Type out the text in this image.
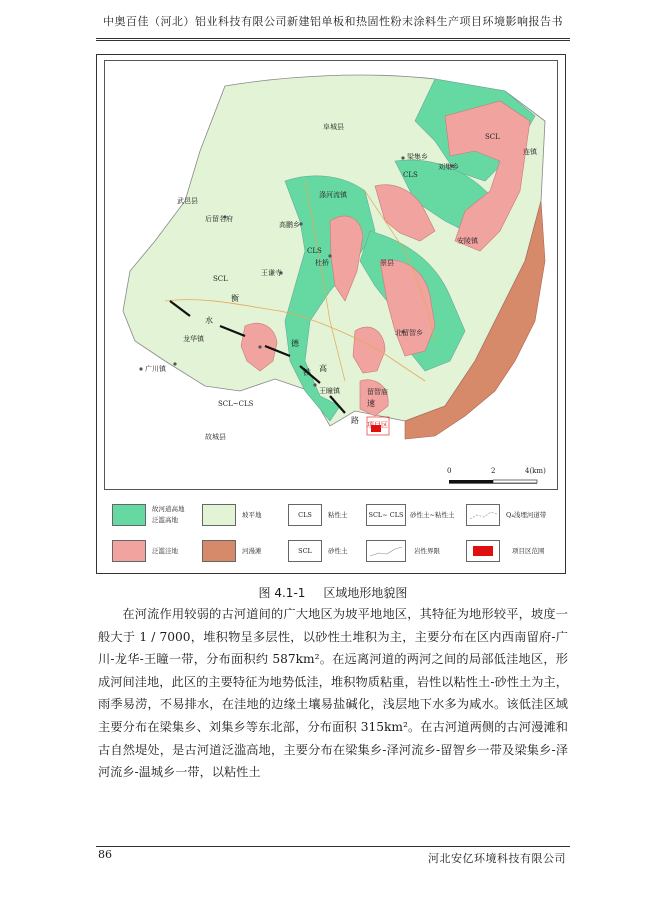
中奥百佳（河北）铝业科技有限公司新建铝单板和热固性粉末涂料生产项目环境影响报告书
阜城县
梁集乡
刘集乡
SCL
CLS
连镇
武邑县
后留名府
涤河流镇
高鹏乡
安陵镇
CLS
杜桥	景县
王谦寺
SCL
北留智乡
龙华镇
广川镇
留智庙
王瞳镇
SCL~CLS
项目区
故城县
衡
水
德
铁 高
速
路
0	2	4(km)
故河道高地
泛滥高地
坡平地	CLS	粘性土	SCL~ CLS	砂性土~粘性土	Q₄浅埋河道带
泛滥洼地	河漫滩	SCL	砂性土	岩性界限	项目区范围
图 4.1-1 区域地形地貌图

在河流作用较弱的古河道间的广大地区为坡平地地区，其特征为地形较平，坡度一般大于 1 / 7000，堆积物呈多层性，以砂性土堆积为主，主要分布在区内西南留府-广川-龙华-王瞳一带，分布面积约 587km²。在远离河道的两河之间的局部低洼地区，形成河间洼地，此区的主要特征为地势低洼，堆积物质粘重，岩性以粘性土-砂性土为主，雨季易涝，不易排水，在洼地的边缘土壤易盐碱化，浅层地下水多为咸水。该低洼区域主要分布在梁集乡、刘集乡等东北部，分布面积 315km²。在古河道两侧的古河漫滩和古自然堤处，是古河道泛滥高地，主要分布在梁集乡-泽河流乡-留智乡一带及梁集乡-泽河流乡-温城乡一带，以粘性土

86	河北安亿环境科技有限公司
